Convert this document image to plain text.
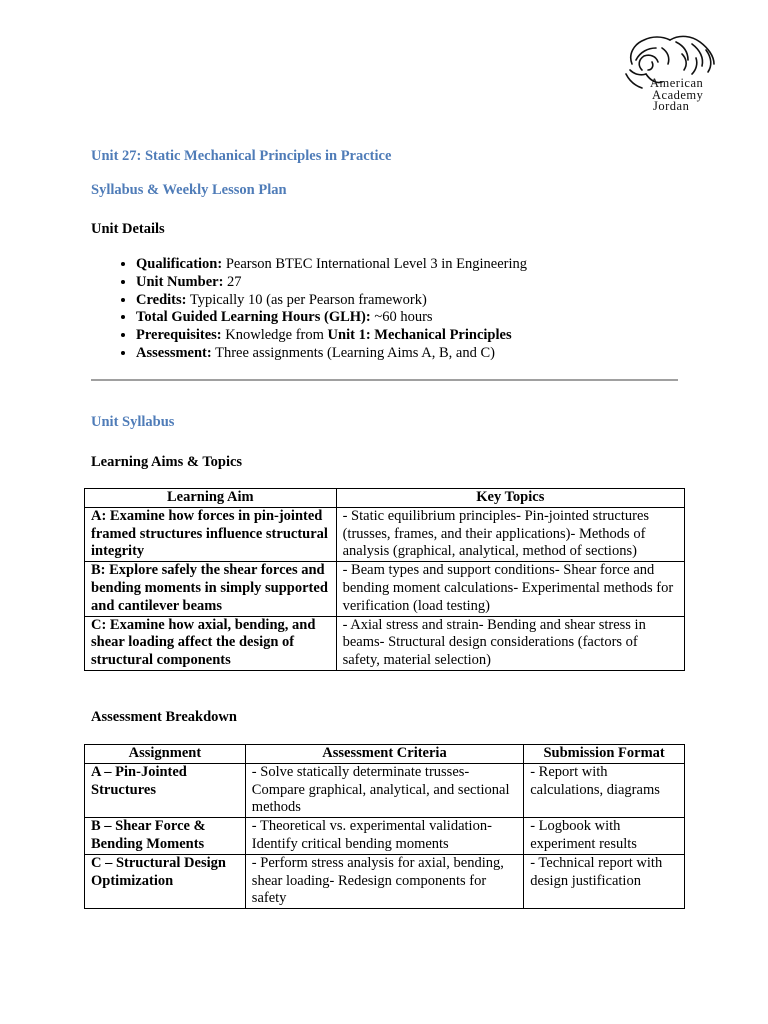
American
Academy
Jordan
Unit 27: Static Mechanical Principles in Practice
Syllabus & Weekly Lesson Plan
Unit Details
• Qualification: Pearson BTEC International Level 3 in Engineering
• Unit Number: 27
• Credits: Typically 10 (as per Pearson framework)
• Total Guided Learning Hours (GLH): ~60 hours
• Prerequisites: Knowledge from Unit 1: Mechanical Principles
• Assessment: Three assignments (Learning Aims A, B, and C)
Unit Syllabus
Learning Aims & Topics
Learning Aim	Key Topics
A: Examine how forces in pin-jointed framed structures influence structural integrity	- Static equilibrium principles- Pin-jointed structures (trusses, frames, and their applications)- Methods of analysis (graphical, analytical, method of sections)
B: Explore safely the shear forces and bending moments in simply supported and cantilever beams	- Beam types and support conditions- Shear force and bending moment calculations- Experimental methods for verification (load testing)
C: Examine how axial, bending, and shear loading affect the design of structural components	- Axial stress and strain- Bending and shear stress in beams- Structural design considerations (factors of safety, material selection)
Assessment Breakdown
Assignment	Assessment Criteria	Submission Format
A – Pin-Jointed Structures	- Solve statically determinate trusses- Compare graphical, analytical, and sectional methods	- Report with calculations, diagrams
B – Shear Force & Bending Moments	- Theoretical vs. experimental validation- Identify critical bending moments	- Logbook with experiment results
C – Structural Design Optimization	- Perform stress analysis for axial, bending, shear loading- Redesign components for safety	- Technical report with design justification
